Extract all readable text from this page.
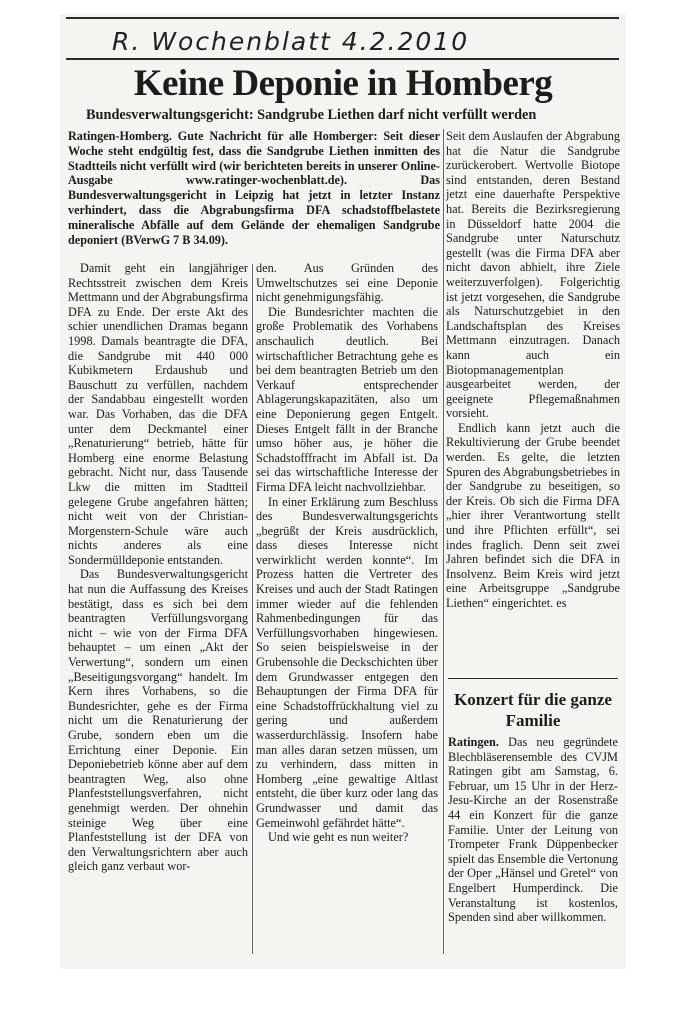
R. Wochenblatt 4.2.2010
Keine Deponie in Homberg
Bundesverwaltungsgericht: Sandgrube Liethen darf nicht verfüllt werden
Ratingen-Homberg. Gute Nachricht für alle Homberger: Seit dieser Woche steht endgültig fest, dass die Sandgrube Liethen inmitten des Stadtteils nicht verfüllt wird (wir berichteten bereits in unserer Online-Ausgabe www.ratinger-wochenblatt.de). Das Bundesverwaltungsgericht in Leipzig hat jetzt in letzter Instanz verhindert, dass die Abgrabungsfirma DFA schadstoffbelastete mineralische Abfälle auf dem Gelände der ehemaligen Sandgrube deponiert (BVerwG 7 B 34.09).

Damit geht ein langjähriger Rechtsstreit zwischen dem Kreis Mettmann und der Abgrabungsfirma DFA zu Ende. Der erste Akt des schier unendlichen Dramas begann 1998. Damals beantragte die DFA, die Sandgrube mit 440 000 Kubikmetern Erdaushub und Bauschutt zu verfüllen, nachdem der Sandabbau eingestellt worden war. Das Vorhaben, das die DFA unter dem Deckmantel einer „Renaturierung“ betrieb, hätte für Homberg eine enorme Belastung gebracht. Nicht nur, dass Tausende Lkw die mitten im Stadtteil gelegene Grube angefahren hätten; nicht weit von der Christian-Morgenstern-Schule wäre auch nichts anderes als eine Sondermülldeponie entstanden.

Das Bundesverwaltungsgericht hat nun die Auffassung des Kreises bestätigt, dass es sich bei dem beantragten Verfüllungsvorgang nicht – wie von der Firma DFA behauptet – um einen „Akt der Verwertung“, sondern um einen „Beseitigungsvorgang“ handelt. Im Kern ihres Vorhabens, so die Bundesrichter, gehe es der Firma nicht um die Renaturierung der Grube, sondern eben um die Errichtung einer Deponie. Ein Deponiebetrieb könne aber auf dem beantragten Weg, also ohne Planfeststellungsverfahren, nicht genehmigt werden. Der ohnehin steinige Weg über eine Planfeststellung ist der DFA von den Verwaltungsrichtern aber auch gleich ganz verbaut wor-

den. Aus Gründen des Umweltschutzes sei eine Deponie nicht genehmigungsfähig.

Die Bundesrichter machten die große Problematik des Vorhabens anschaulich deutlich. Bei wirtschaftlicher Betrachtung gehe es bei dem beantragten Betrieb um den Verkauf entsprechender Ablagerungskapazitäten, also um eine Deponierung gegen Entgelt. Dieses Entgelt fällt in der Branche umso höher aus, je höher die Schadstofffracht im Abfall ist. Da sei das wirtschaftliche Interesse der Firma DFA leicht nachvollziehbar.

In einer Erklärung zum Beschluss des Bundesverwaltungsgerichts „begrüßt der Kreis ausdrücklich, dass dieses Interesse nicht verwirklicht werden konnte“. Im Prozess hatten die Vertreter des Kreises und auch der Stadt Ratingen immer wieder auf die fehlenden Rahmenbedingungen für das Verfüllungsvorhaben hingewiesen. So seien beispielsweise in der Grubensohle die Deckschichten über dem Grundwasser entgegen den Behauptungen der Firma DFA für eine Schadstoffrückhaltung viel zu gering und außerdem wasserdurchlässig. Insofern habe man alles daran setzen müssen, um zu verhindern, dass mitten in Homberg „eine gewaltige Altlast entsteht, die über kurz oder lang das Grundwasser und damit das Gemeinwohl gefährdet hätte“.

Und wie geht es nun weiter?

Seit dem Auslaufen der Abgrabung hat die Natur die Sandgrube zurückerobert. Wertvolle Biotope sind entstanden, deren Bestand jetzt eine dauerhafte Perspektive hat. Bereits die Bezirksregierung in Düsseldorf hatte 2004 die Sandgrube unter Naturschutz gestellt (was die Firma DFA aber nicht davon abhielt, ihre Ziele weiterzuverfolgen). Folgerichtig ist jetzt vorgesehen, die Sandgrube als Naturschutzgebiet in den Landschaftsplan des Kreises Mettmann einzutragen. Danach kann auch ein Biotopmanagementplan ausgearbeitet werden, der geeignete Pflegemaßnahmen vorsieht.

Endlich kann jetzt auch die Rekultivierung der Grube beendet werden. Es gelte, die letzten Spuren des Abgrabungsbetriebes in der Sandgrube zu beseitigen, so der Kreis. Ob sich die Firma DFA „hier ihrer Verantwortung stellt und ihre Pflichten erfüllt“, sei indes fraglich. Denn seit zwei Jahren befindet sich die DFA in Insolvenz. Beim Kreis wird jetzt eine Arbeitsgruppe „Sandgrube Liethen“ eingerichtet. es

Konzert für die ganze Familie

Ratingen. Das neu gegründete Blechbläserensemble des CVJM Ratingen gibt am Samstag, 6. Februar, um 15 Uhr in der Herz-Jesu-Kirche an der Rosenstraße 44 ein Konzert für die ganze Familie. Unter der Leitung von Trompeter Frank Düppenbecker spielt das Ensemble die Vertonung der Oper „Hänsel und Gretel“ von Engelbert Humperdinck. Die Veranstaltung ist kostenlos, Spenden sind aber willkommen.
